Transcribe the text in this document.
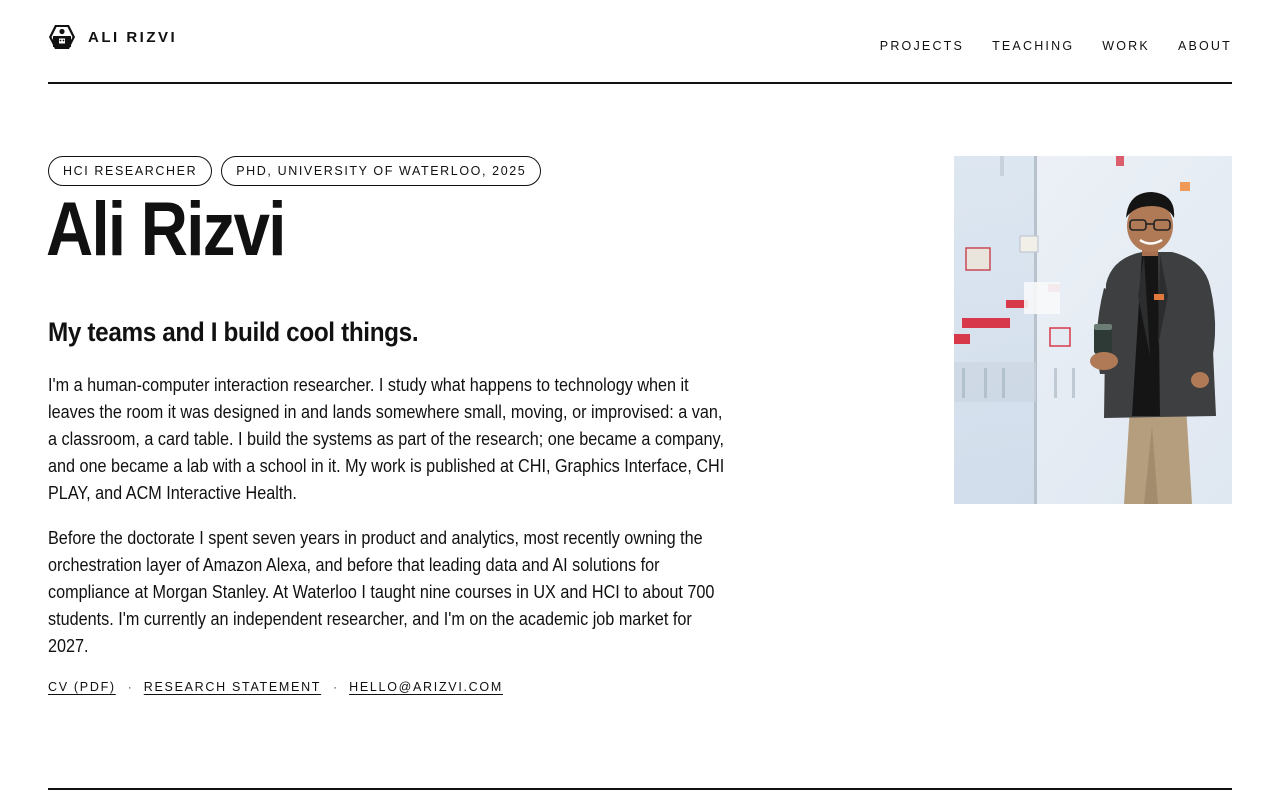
ALI RIZVI
PROJECTS TEACHING WORK ABOUT
HCI RESEARCHER	PHD, UNIVERSITY OF WATERLOO, 2025
Ali Rizvi
My teams and I build cool things.

I'm a human-computer interaction researcher. I study what happens to technology when it leaves the room it was designed in and lands somewhere small, moving, or improvised: a van, a classroom, a card table. I build the systems as part of the research; one became a company, and one became a lab with a school in it. My work is published at CHI, Graphics Interface, CHI PLAY, and ACM Interactive Health.

Before the doctorate I spent seven years in product and analytics, most recently owning the orchestration layer of Amazon Alexa, and before that leading data and AI solutions for compliance at Morgan Stanley. At Waterloo I taught nine courses in UX and HCI to about 700 students. I'm currently an independent researcher, and I'm on the academic job market for 2027.

CV (PDF) · RESEARCH STATEMENT · HELLO@ARIZVI.COM
